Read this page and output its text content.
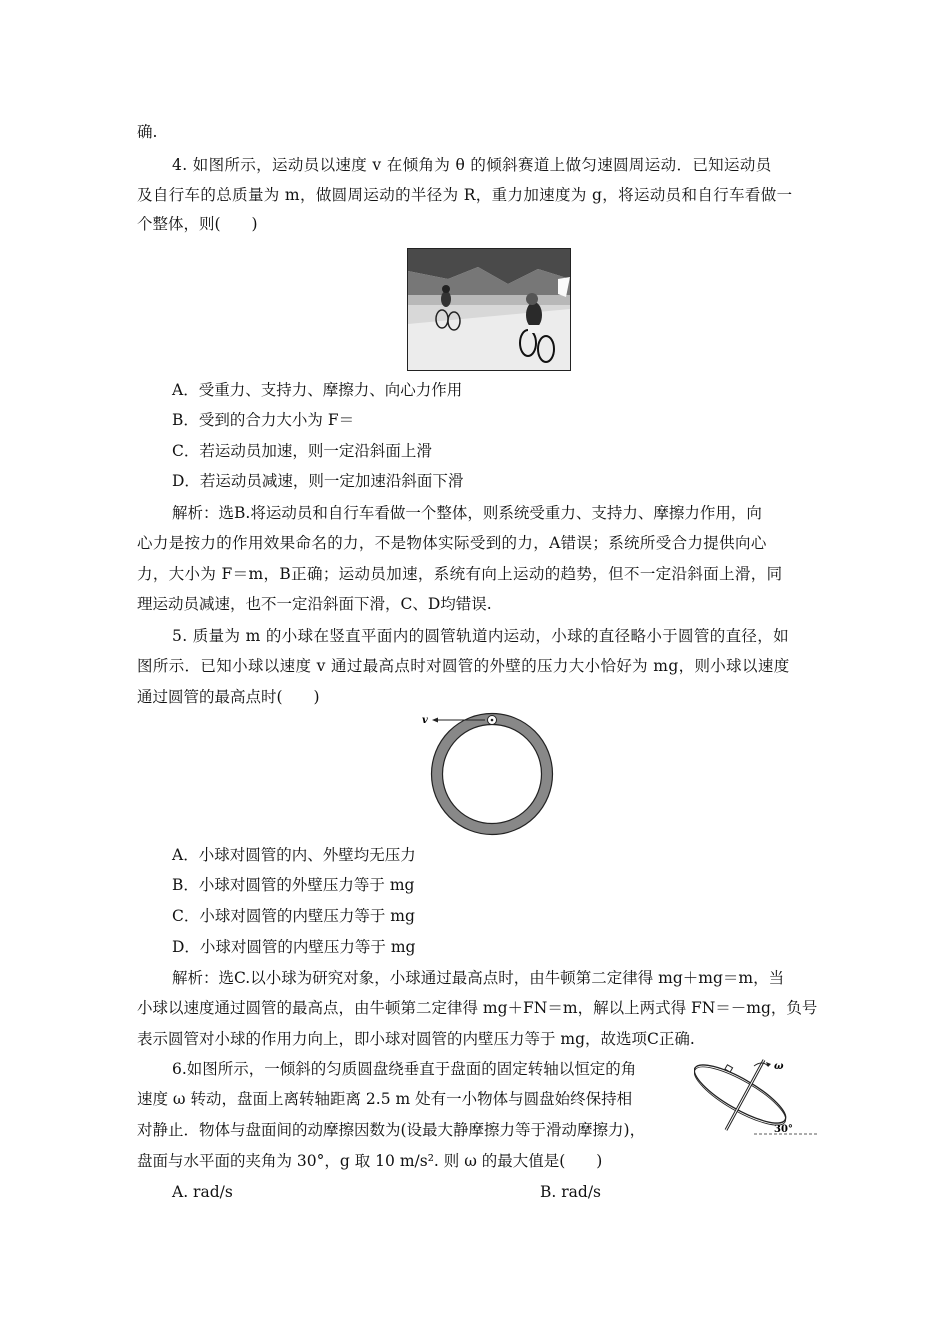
确.
4. 如图所示，运动员以速度 v 在倾角为 θ 的倾斜赛道上做匀速圆周运动．已知运动员
及自行车的总质量为 m，做圆周运动的半径为 R，重力加速度为 g，将运动员和自行车看做一
个整体，则(　　)
A．受重力、支持力、摩擦力、向心力作用
B．受到的合力大小为 F＝
C．若运动员加速，则一定沿斜面上滑
D．若运动员减速，则一定加速沿斜面下滑
解析：选B.将运动员和自行车看做一个整体，则系统受重力、支持力、摩擦力作用，向
心力是按力的作用效果命名的力，不是物体实际受到的力，A错误；系统所受合力提供向心
力，大小为 F＝m，B正确；运动员加速，系统有向上运动的趋势，但不一定沿斜面上滑，同
理运动员减速，也不一定沿斜面下滑，C、D均错误.
5. 质量为 m 的小球在竖直平面内的圆管轨道内运动，小球的直径略小于圆管的直径，如
图所示．已知小球以速度 v 通过最高点时对圆管的外壁的压力大小恰好为 mg，则小球以速度
通过圆管的最高点时(　　)
v
A．小球对圆管的内、外壁均无压力
B．小球对圆管的外壁压力等于 mg
C．小球对圆管的内壁压力等于 mg
D．小球对圆管的内壁压力等于 mg
解析：选C.以小球为研究对象，小球通过最高点时，由牛顿第二定律得 mg＋mg＝m，当
小球以速度通过圆管的最高点，由牛顿第二定律得 mg＋FN＝m，解以上两式得 FN＝－mg，负号
表示圆管对小球的作用力向上，即小球对圆管的内壁压力等于 mg，故选项C正确.
6.如图所示，一倾斜的匀质圆盘绕垂直于盘面的固定转轴以恒定的角
速度 ω 转动，盘面上离转轴距离 2.5 m 处有一小物体与圆盘始终保持相
对静止．物体与盘面间的动摩擦因数为(设最大静摩擦力等于滑动摩擦力)，
盘面与水平面的夹角为 30°，g 取 10 m/s². 则 ω 的最大值是(　　)
ω
30°
A. rad/s	B. rad/s
